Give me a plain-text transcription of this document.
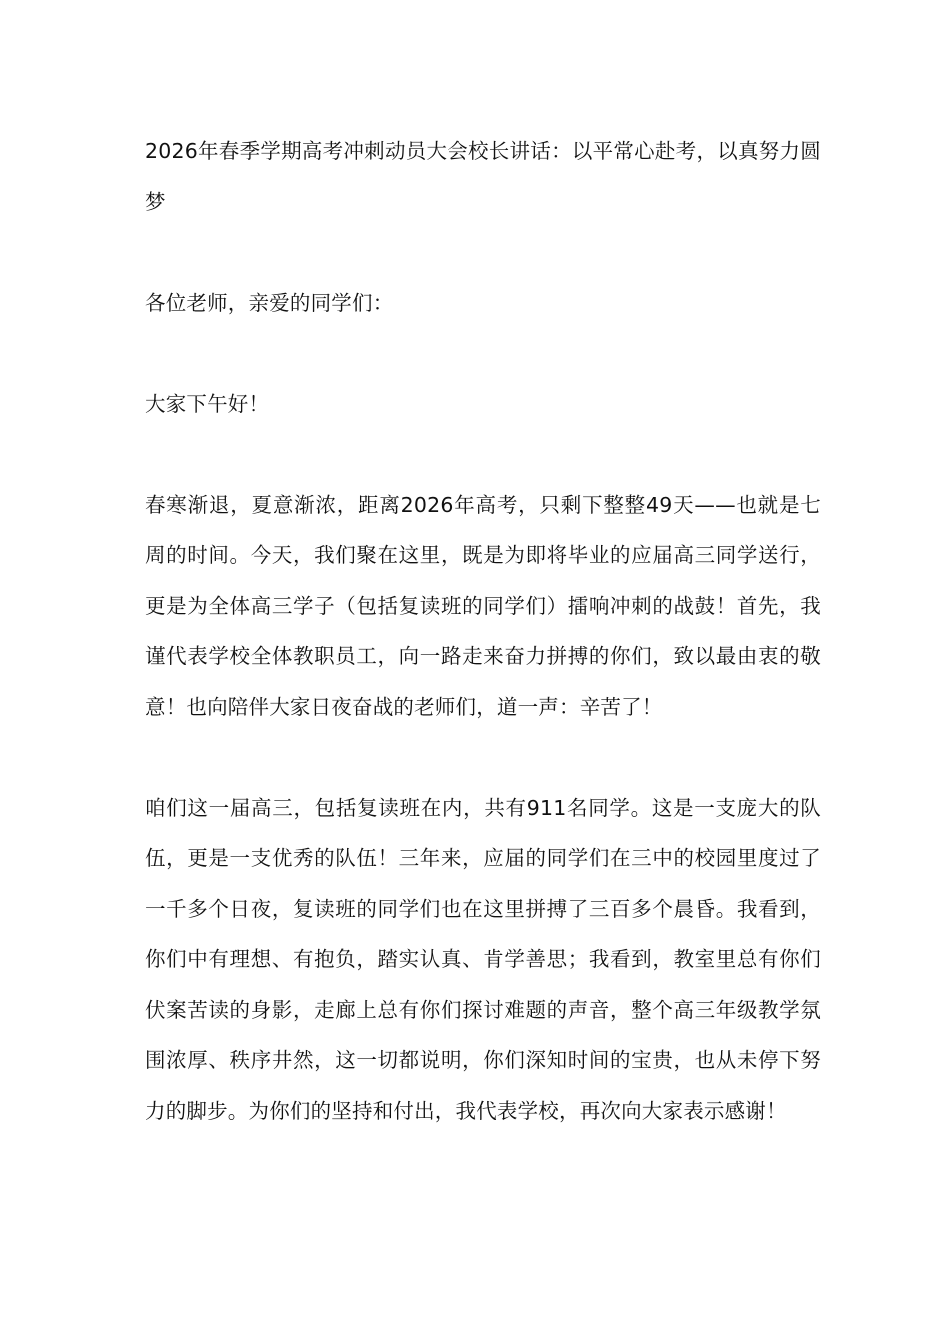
2026年春季学期高考冲刺动员大会校长讲话：以平常心赴考，以真努力圆梦

各位老师，亲爱的同学们：

大家下午好！

春寒渐退，夏意渐浓，距离2026年高考，只剩下整整49天——也就是七周的时间。今天，我们聚在这里，既是为即将毕业的应届高三同学送行，更是为全体高三学子（包括复读班的同学们）擂响冲刺的战鼓！首先，我谨代表学校全体教职员工，向一路走来奋力拼搏的你们，致以最由衷的敬意！也向陪伴大家日夜奋战的老师们，道一声：辛苦了！

咱们这一届高三，包括复读班在内，共有911名同学。这是一支庞大的队伍，更是一支优秀的队伍！三年来，应届的同学们在三中的校园里度过了一千多个日夜，复读班的同学们也在这里拼搏了三百多个晨昏。我看到，你们中有理想、有抱负，踏实认真、肯学善思；我看到，教室里总有你们伏案苦读的身影，走廊上总有你们探讨难题的声音，整个高三年级教学氛围浓厚、秩序井然，这一切都说明，你们深知时间的宝贵，也从未停下努力的脚步。为你们的坚持和付出，我代表学校，再次向大家表示感谢！
